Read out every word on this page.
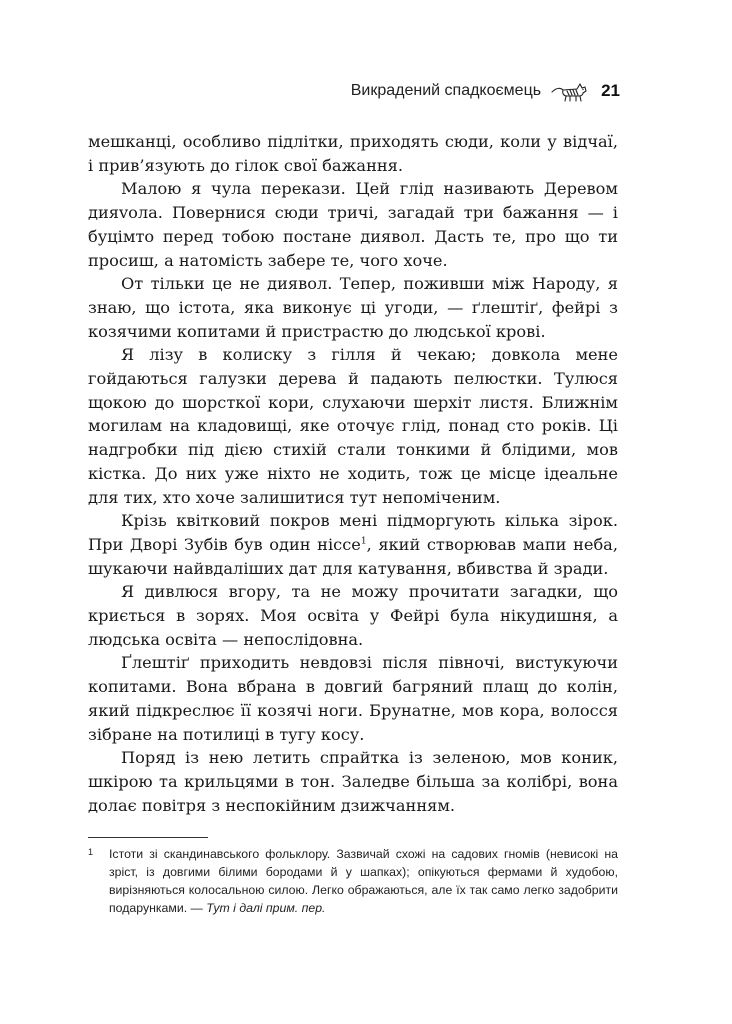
Викрадений спадкоємець	21

мешканці, особливо підлітки, приходять сюди, коли у відчаї, і прив’язують до гілок свої бажання.

Малою я чула перекази. Цей глід називають Деревом дияvола. Повернися сюди тричі, загадай три бажання — і буцімто перед тобою постане диявол. Дасть те, про що ти просиш, а натомість забере те, чого хоче.

От тільки це не диявол. Тепер, поживши між Народу, я знаю, що істота, яка виконує ці угоди, — ґлештіґ, фейрі з козячими копитами й пристрастю до людської крові.

Я лізу в колиску з гілля й чекаю; довкола мене гойдаються галузки дерева й падають пелюстки. Тулюся щокою до шорсткої кори, слухаючи шерхіт листя. Ближнім могилам на кладовищі, яке оточує глід, понад сто років. Ці надгробки під дією стихій стали тонкими й блідими, мов кістка. До них уже ніхто не ходить, тож це місце ідеальне для тих, хто хоче залишитися тут непоміченим.

Крізь квітковий покров мені підморгують кілька зірок. При Дворі Зубів був один ніссе$^1$, який створював мапи неба, шукаючи найвдаліших дат для катування, вбивства й зради.

Я дивлюся вгору, та не можу прочитати загадки, що криється в зорях. Моя освіта у Фейрі була нікудишня, а людська освіта — непослідовна.

Ґлештіґ приходить невдовзі після півночі, вистукуючи копитами. Вона вбрана в довгий багряний плащ до колін, який підкреслює її козячі ноги. Брунатне, мов кора, волосся зібране на потилиці в тугу косу.

Поряд із нею летить спрайтка із зеленою, мов коник, шкірою та крильцями в тон. Заледве більша за колібрі, вона долає повітря з неспокійним дзижчанням.

1 Істоти зі скандинавського фольклору. Зазвичай схожі на садових гномів (невисокі на зріст, із довгими білими бородами й у шапках); опікуються фермами й худобою, вирізняються колосальною силою. Легко ображаються, але їх так само легко задобрити подарунками. — Тут і далі прим. пер.
